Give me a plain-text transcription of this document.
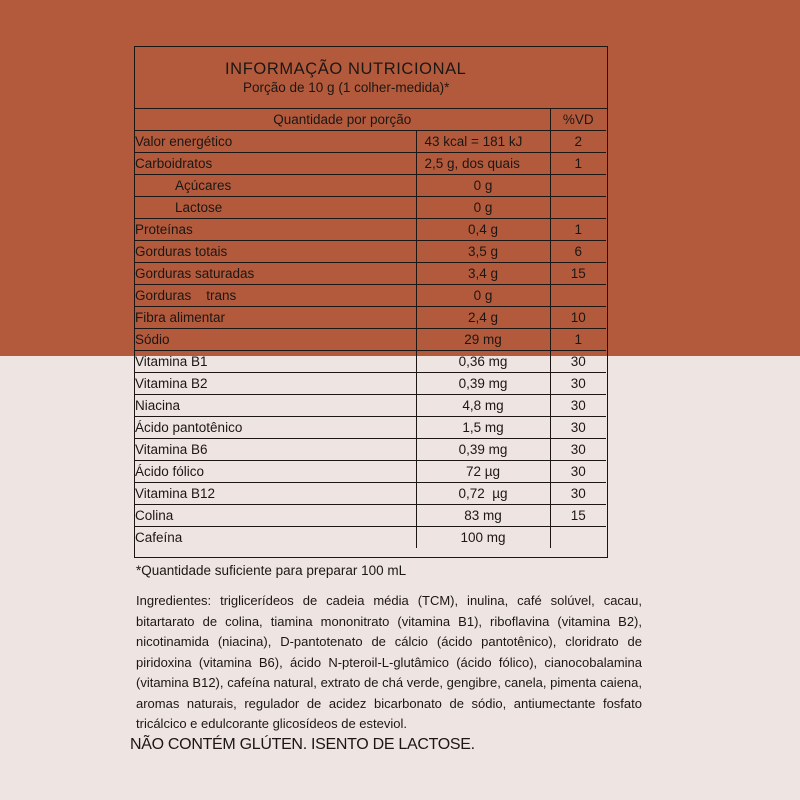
INFORMAÇÃO NUTRICIONAL
Porção de 10 g (1 colher-medida)*
Quantidade por porção		%VD
Valor energético	43 kcal = 181 kJ	2
Carboidratos	2,5 g, dos quais	1
Açúcares	0 g	
Lactose	0 g	
Proteínas	0,4 g	1
Gorduras totais	3,5 g	6
Gorduras saturadas	3,4 g	15
Gorduras    trans	0 g	
Fibra alimentar	2,4 g	10
Sódio	29 mg	1
Vitamina B1	0,36 mg	30
Vitamina B2	0,39 mg	30
Niacina	4,8 mg	30
Ácido pantotênico	1,5 mg	30
Vitamina B6	0,39 mg	30
Ácido fólico	72 µg	30
Vitamina B12	0,72  µg	30
Colina	83 mg	15
Cafeína	100 mg	
*Quantidade suficiente para preparar 100 mL
Ingredientes: triglicerídeos de cadeia média (TCM), inulina, café solúvel, cacau, bitartarato de colina, tiamina mononitrato (vitamina B1), riboflavina (vitamina B2), nicotinamida (niacina), D-pantotenato de cálcio (ácido pantotênico), cloridrato de piridoxina (vitamina B6), ácido N-pteroil-L-glutâmico (ácido fólico), cianocobalamina (vitamina B12), cafeína natural, extrato de chá verde, gengibre, canela, pimenta caiena, aromas naturais, regulador de acidez bicarbonato de sódio, antiumectante fosfato tricálcico e edulcorante glicosídeos de esteviol.
NÃO CONTÉM GLÚTEN. ISENTO DE LACTOSE.
